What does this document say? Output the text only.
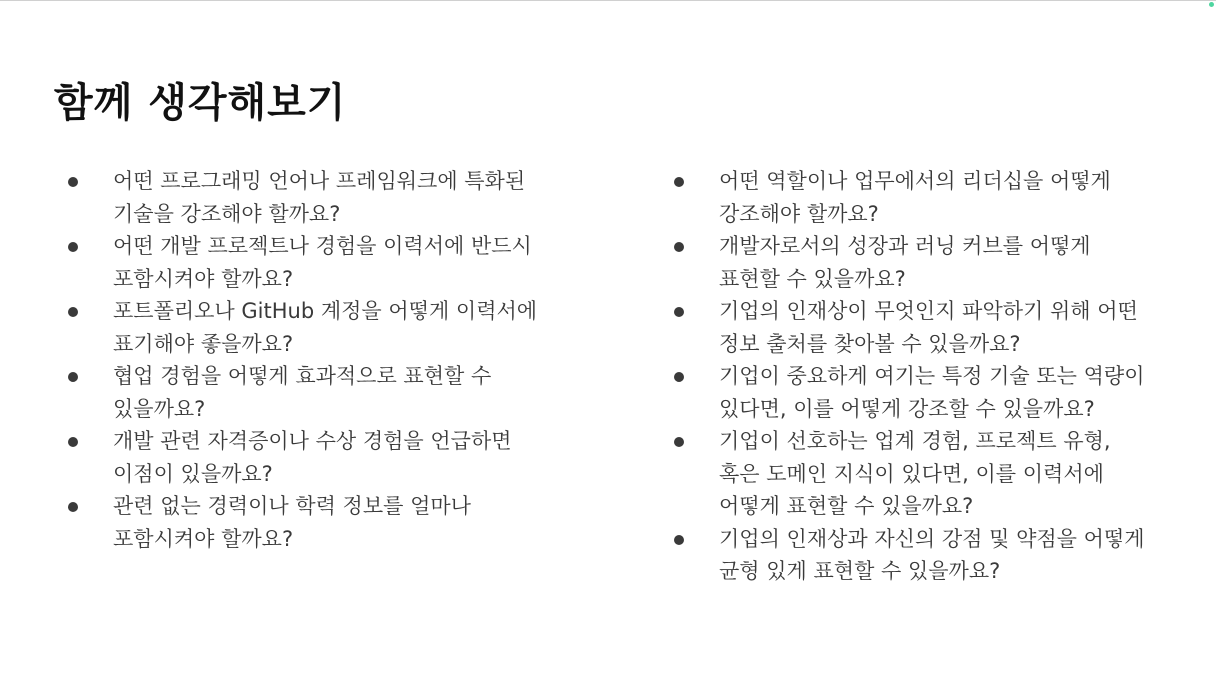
함께 생각해보기
어떤 프로그래밍 언어나 프레임워크에 특화된
기술을 강조해야 할까요?
어떤 개발 프로젝트나 경험을 이력서에 반드시
포함시켜야 할까요?
포트폴리오나 GitHub 계정을 어떻게 이력서에
표기해야 좋을까요?
협업 경험을 어떻게 효과적으로 표현할 수
있을까요?
개발 관련 자격증이나 수상 경험을 언급하면
이점이 있을까요?
관련 없는 경력이나 학력 정보를 얼마나
포함시켜야 할까요?
어떤 역할이나 업무에서의 리더십을 어떻게
강조해야 할까요?
개발자로서의 성장과 러닝 커브를 어떻게
표현할 수 있을까요?
기업의 인재상이 무엇인지 파악하기 위해 어떤
정보 출처를 찾아볼 수 있을까요?
기업이 중요하게 여기는 특정 기술 또는 역량이
있다면, 이를 어떻게 강조할 수 있을까요?
기업이 선호하는 업계 경험, 프로젝트 유형,
혹은 도메인 지식이 있다면, 이를 이력서에
어떻게 표현할 수 있을까요?
기업의 인재상과 자신의 강점 및 약점을 어떻게
균형 있게 표현할 수 있을까요?
